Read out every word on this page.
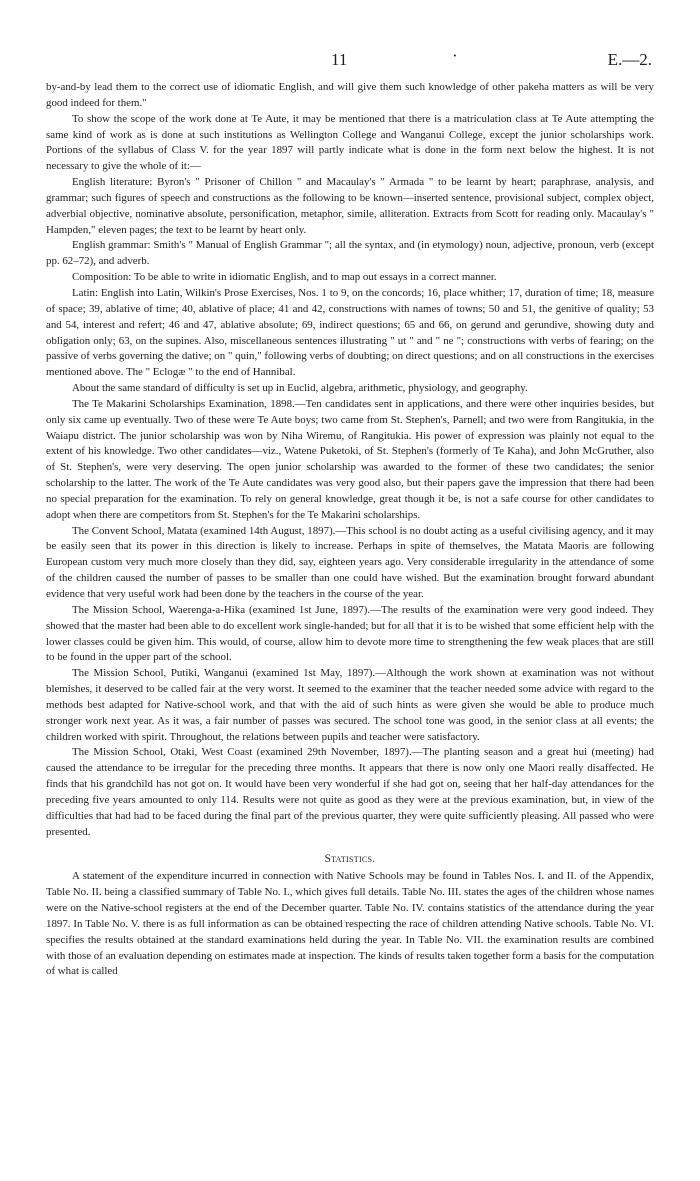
11	·	E.—2.

by-and-by lead them to the correct use of idiomatic English, and will give them such knowledge of other pakeha matters as will be very good indeed for them."

To show the scope of the work done at Te Aute, it may be mentioned that there is a matriculation class at Te Aute attempting the same kind of work as is done at such institutions as Wellington College and Wanganui College, except the junior scholarships work. Portions of the syllabus of Class V. for the year 1897 will partly indicate what is done in the form next below the highest. It is not necessary to give the whole of it:—

English literature: Byron's " Prisoner of Chillon " and Macaulay's " Armada " to be learnt by heart; paraphrase, analysis, and grammar; such figures of speech and constructions as the following to be known—inserted sentence, provisional subject, complex object, adverbial objective, nominative absolute, personification, metaphor, simile, alliteration. Extracts from Scott for reading only. Macaulay's " Hampden," eleven pages; the text to be learnt by heart only.

English grammar: Smith's " Manual of English Grammar "; all the syntax, and (in etymology) noun, adjective, pronoun, verb (except pp. 62–72), and adverb.

Composition: To be able to write in idiomatic English, and to map out essays in a correct manner.

Latin: English into Latin, Wilkin's Prose Exercises, Nos. 1 to 9, on the concords; 16, place whither; 17, duration of time; 18, measure of space; 39, ablative of time; 40, ablative of place; 41 and 42, constructions with names of towns; 50 and 51, the genitive of quality; 53 and 54, interest and refert; 46 and 47, ablative absolute; 69, indirect questions; 65 and 66, on gerund and gerundive, showing duty and obligation only; 63, on the supines. Also, miscellaneous sentences illustrating " ut " and " ne "; constructions with verbs of fearing; on the passive of verbs governing the dative; on " quin," following verbs of doubting; on direct questions; and on all constructions in the exercises mentioned above. The " Eclogæ " to the end of Hannibal.

About the same standard of difficulty is set up in Euclid, algebra, arithmetic, physiology, and geography.

The Te Makarini Scholarships Examination, 1898.—Ten candidates sent in applications, and there were other inquiries besides, but only six came up eventually. Two of these were Te Aute boys; two came from St. Stephen's, Parnell; and two were from Rangitukia, in the Waiapu district. The junior scholarship was won by Niha Wiremu, of Rangitukia. His power of expression was plainly not equal to the extent of his knowledge. Two other candidates—viz., Watene Puketoki, of St. Stephen's (formerly of Te Kaha), and John McGruther, also of St. Stephen's, were very deserving. The open junior scholarship was awarded to the former of these two candidates; the senior scholarship to the latter. The work of the Te Aute candidates was very good also, but their papers gave the impression that there had been no special preparation for the examination. To rely on general knowledge, great though it be, is not a safe course for other candidates to adopt when there are competitors from St. Stephen's for the Te Makarini scholarships.

The Convent School, Matata (examined 14th August, 1897).—This school is no doubt acting as a useful civilising agency, and it may be easily seen that its power in this direction is likely to increase. Perhaps in spite of themselves, the Matata Maoris are following European custom very much more closely than they did, say, eighteen years ago. Very considerable irregularity in the attendance of some of the children caused the number of passes to be smaller than one could have wished. But the examination brought forward abundant evidence that very useful work had been done by the teachers in the course of the year.

The Mission School, Waerenga-a-Hika (examined 1st June, 1897).—The results of the examination were very good indeed. They showed that the master had been able to do excellent work single-handed; but for all that it is to be wished that some efficient help with the lower classes could be given him. This would, of course, allow him to devote more time to strengthening the few weak places that are still to be found in the upper part of the school.

The Mission School, Putiki, Wanganui (examined 1st May, 1897).—Although the work shown at examination was not without blemishes, it deserved to be called fair at the very worst. It seemed to the examiner that the teacher needed some advice with regard to the methods best adapted for Native-school work, and that with the aid of such hints as were given she would be able to produce much stronger work next year. As it was, a fair number of passes was secured. The school tone was good, in the senior class at all events; the children worked with spirit. Throughout, the relations between pupils and teacher were satisfactory.

The Mission School, Otaki, West Coast (examined 29th November, 1897).—The planting season and a great hui (meeting) had caused the attendance to be irregular for the preceding three months. It appears that there is now only one Maori really disaffected. He finds that his grandchild has not got on. It would have been very wonderful if she had got on, seeing that her half-day attendances for the preceding five years amounted to only 114. Results were not quite as good as they were at the previous examination, but, in view of the difficulties that had had to be faced during the final part of the previous quarter, they were quite sufficiently pleasing. All passed who were presented.

Statistics.

A statement of the expenditure incurred in connection with Native Schools may be found in Tables Nos. I. and II. of the Appendix, Table No. II. being a classified summary of Table No. I., which gives full details. Table No. III. states the ages of the children whose names were on the Native-school registers at the end of the December quarter. Table No. IV. contains statistics of the attendance during the year 1897. In Table No. V. there is as full information as can be obtained respecting the race of children attending Native schools. Table No. VI. specifies the results obtained at the standard examinations held during the year. In Table No. VII. the examination results are combined with those of an evaluation depending on estimates made at inspection. The kinds of results taken together form a basis for the computation of what is called
